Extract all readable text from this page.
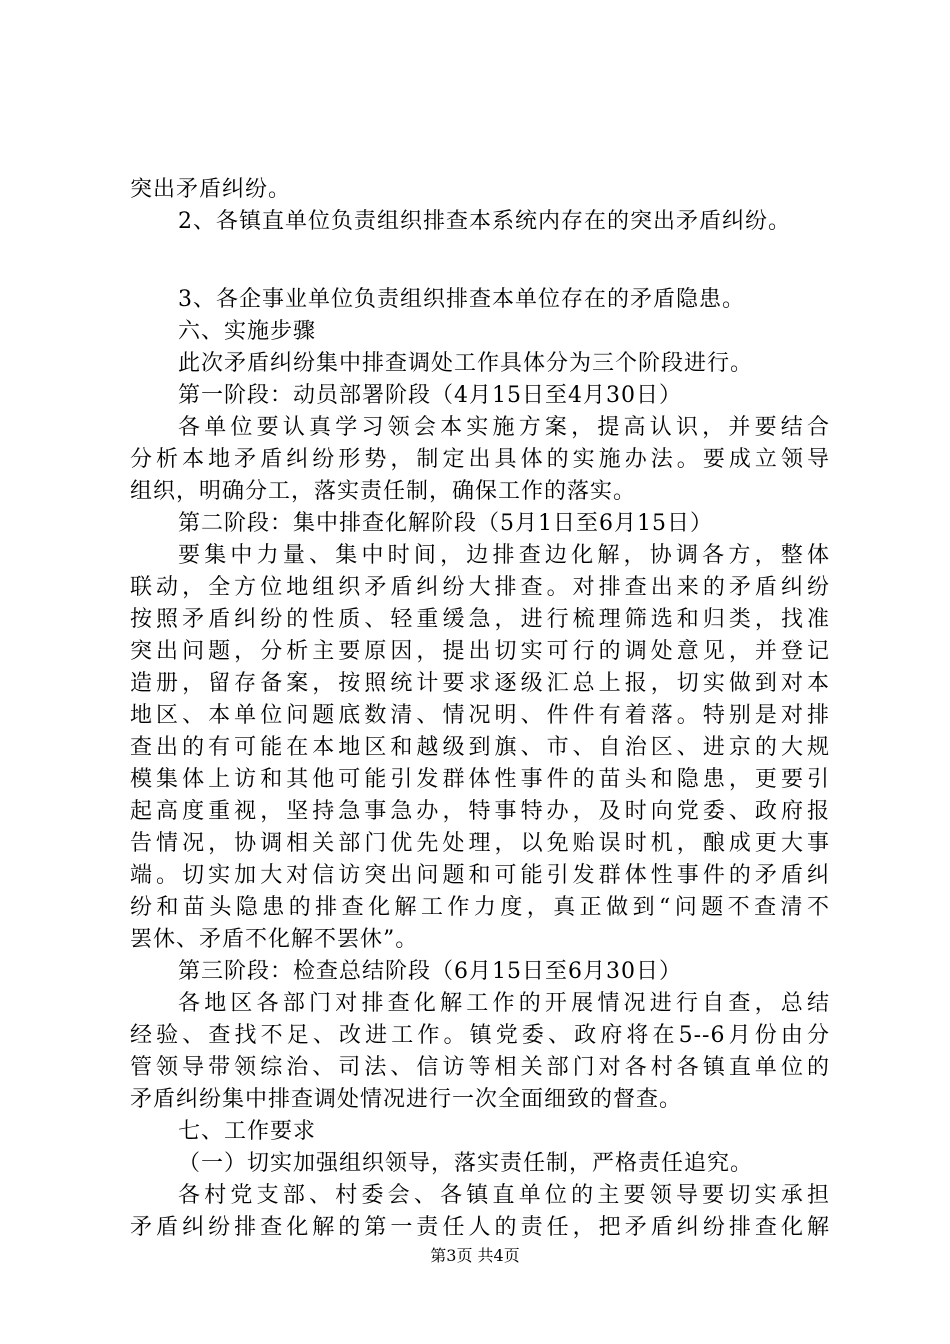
突出矛盾纠纷。
2、各镇直单位负责组织排查本系统内存在的突出矛盾纠纷。
3、各企事业单位负责组织排查本单位存在的矛盾隐患。
六、实施步骤
此次矛盾纠纷集中排查调处工作具体分为三个阶段进行。
第一阶段：动员部署阶段（4月15日至4月30日）
各单位要认真学习领会本实施方案，提高认识，并要结合
分析本地矛盾纠纷形势，制定出具体的实施办法。要成立领导
组织，明确分工，落实责任制，确保工作的落实。
第二阶段：集中排查化解阶段（5月1日至6月15日）
要集中力量、集中时间，边排查边化解，协调各方，整体
联动，全方位地组织矛盾纠纷大排查。对排查出来的矛盾纠纷
按照矛盾纠纷的性质、轻重缓急，进行梳理筛选和归类，找准
突出问题，分析主要原因，提出切实可行的调处意见，并登记
造册，留存备案，按照统计要求逐级汇总上报，切实做到对本
地区、本单位问题底数清、情况明、件件有着落。特别是对排
查出的有可能在本地区和越级到旗、市、自治区、进京的大规
模集体上访和其他可能引发群体性事件的苗头和隐患，更要引
起高度重视，坚持急事急办，特事特办，及时向党委、政府报
告情况，协调相关部门优先处理，以免贻误时机，酿成更大事
端。切实加大对信访突出问题和可能引发群体性事件的矛盾纠
纷和苗头隐患的排查化解工作力度，真正做到“问题不查清不
罢休、矛盾不化解不罢休”。
第三阶段：检查总结阶段（6月15日至6月30日）
各地区各部门对排查化解工作的开展情况进行自查，总结
经验、查找不足、改进工作。镇党委、政府将在5--6月份由分
管领导带领综治、司法、信访等相关部门对各村各镇直单位的
矛盾纠纷集中排查调处情况进行一次全面细致的督查。
七、工作要求
（一）切实加强组织领导，落实责任制，严格责任追究。
各村党支部、村委会、各镇直单位的主要领导要切实承担
矛盾纠纷排查化解的第一责任人的责任，把矛盾纠纷排查化解
第3页 共4页
